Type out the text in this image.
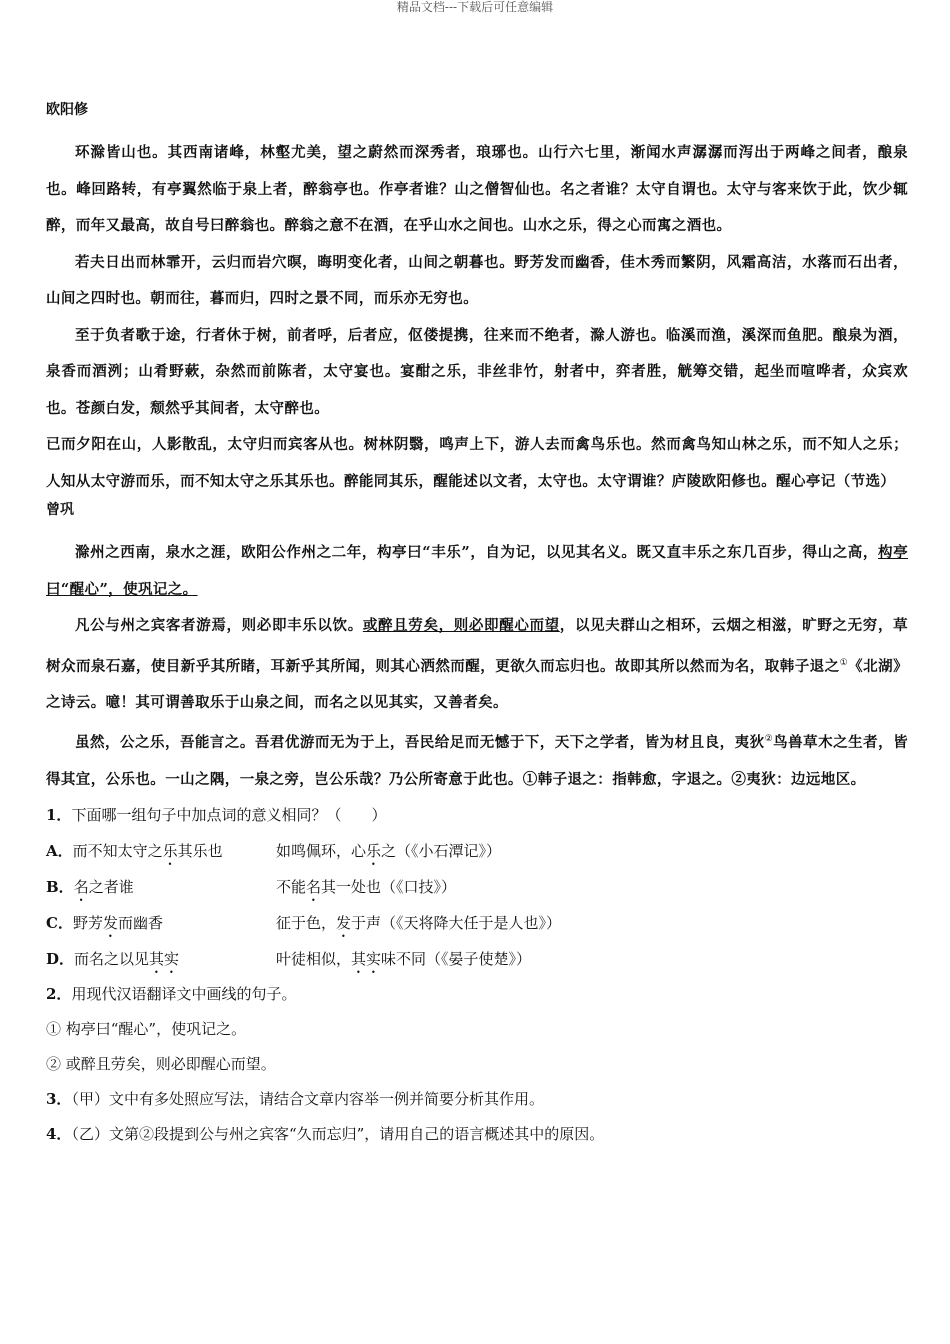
精品文档---下载后可任意编辑

欧阳修

环滁皆山也。其西南诸峰，林壑尤美，望之蔚然而深秀者，琅琊也。山行六七里，渐闻水声潺潺而泻出于两峰之间者，酿泉也。峰回路转，有亭翼然临于泉上者，醉翁亭也。作亭者谁？山之僧智仙也。名之者谁？太守自谓也。太守与客来饮于此，饮少辄醉，而年又最高，故自号曰醉翁也。醉翁之意不在酒，在乎山水之间也。山水之乐，得之心而寓之酒也。

若夫日出而林霏开，云归而岩穴暝，晦明变化者，山间之朝暮也。野芳发而幽香，佳木秀而繁阴，风霜高洁，水落而石出者，山间之四时也。朝而往，暮而归，四时之景不同，而乐亦无穷也。

至于负者歌于途，行者休于树，前者呼，后者应，伛偻提携，往来而不绝者，滁人游也。临溪而渔，溪深而鱼肥。酿泉为酒，泉香而酒洌；山肴野蔌，杂然而前陈者，太守宴也。宴酣之乐，非丝非竹，射者中，弈者胜，觥筹交错，起坐而喧哗者，众宾欢也。苍颜白发，颓然乎其间者，太守醉也。

已而夕阳在山，人影散乱，太守归而宾客从也。树林阴翳，鸣声上下，游人去而禽鸟乐也。然而禽鸟知山林之乐，而不知人之乐；人知从太守游而乐，而不知太守之乐其乐也。醉能同其乐，醒能述以文者，太守也。太守谓谁？庐陵欧阳修也。醒心亭记（节选）

曾巩

滁州之西南，泉水之涯，欧阳公作州之二年，构亭曰“丰乐”，自为记，以见其名义。既又直丰乐之东几百步，得山之高，构亭曰“醒心”，使巩记之。

凡公与州之宾客者游焉，则必即丰乐以饮。或醉且劳矣，则必即醒心而望，以见夫群山之相环，云烟之相滋，旷野之无穷，草树众而泉石嘉，使目新乎其所睹，耳新乎其所闻，则其心洒然而醒，更欲久而忘归也。故即其所以然而为名，取韩子退之①《北湖》之诗云。噫！其可谓善取乐于山泉之间，而名之以见其实，又善者矣。

虽然，公之乐，吾能言之。吾君优游而无为于上，吾民给足而无憾于下，天下之学者，皆为材且良，夷狄②鸟兽草木之生者，皆得其宜，公乐也。一山之隅，一泉之旁，岂公乐哉？乃公所寄意于此也。①韩子退之：指韩愈，字退之。②夷狄：边远地区。

1．下面哪一组句子中加点词的意义相同？（　　）

A．而不知太守之乐其乐也	如鸣佩环，心乐之（《小石潭记》）
B．名之者谁	不能名其一处也（《口技》）
C．野芳发而幽香	征于色，发于声（《天将降大任于是人也》）
D．而名之以见其实	叶徒相似，其实味不同（《晏子使楚》）

2．用现代汉语翻译文中画线的句子。

① 构亭曰“醒心”，使巩记之。

② 或醉且劳矣，则必即醒心而望。

3．（甲）文中有多处照应写法，请结合文章内容举一例并简要分析其作用。

4．（乙）文第②段提到公与州之宾客“久而忘归”，请用自己的语言概述其中的原因。
